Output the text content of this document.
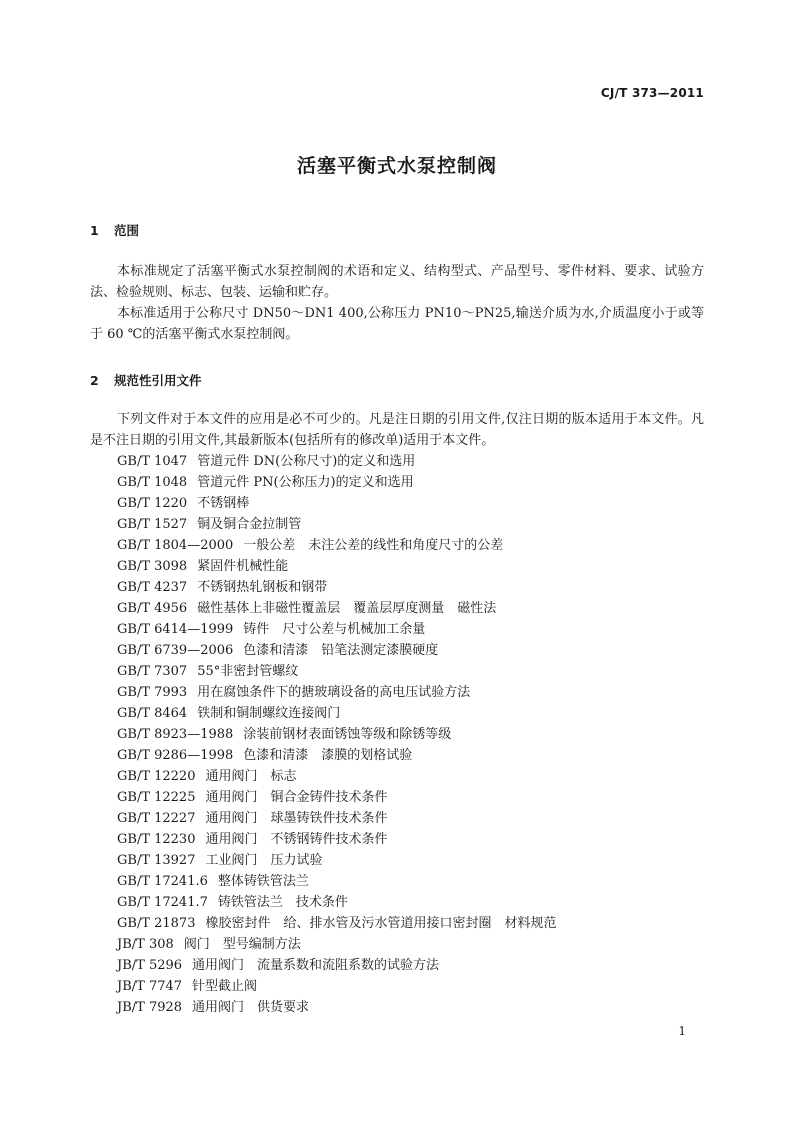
CJ/T 373—2011
活塞平衡式水泵控制阀
1 范围

本标准规定了活塞平衡式水泵控制阀的术语和定义、结构型式、产品型号、零件材料、要求、试验方法、检验规则、标志、包装、运输和贮存。

本标准适用于公称尺寸 DN50～DN1 400,公称压力 PN10～PN25,输送介质为水,介质温度小于或等于 60 ℃的活塞平衡式水泵控制阀。

2 规范性引用文件

下列文件对于本文件的应用是必不可少的。凡是注日期的引用文件,仅注日期的版本适用于本文件。凡是不注日期的引用文件,其最新版本(包括所有的修改单)适用于本文件。

GB/T 1047 管道元件 DN(公称尺寸)的定义和选用
GB/T 1048 管道元件 PN(公称压力)的定义和选用
GB/T 1220 不锈钢棒
GB/T 1527 铜及铜合金拉制管
GB/T 1804—2000 一般公差　未注公差的线性和角度尺寸的公差
GB/T 3098 紧固件机械性能
GB/T 4237 不锈钢热轧钢板和钢带
GB/T 4956 磁性基体上非磁性覆盖层　覆盖层厚度测量　磁性法
GB/T 6414—1999 铸件　尺寸公差与机械加工余量
GB/T 6739—2006 色漆和清漆　铅笔法测定漆膜硬度
GB/T 7307 55°非密封管螺纹
GB/T 7993 用在腐蚀条件下的搪玻璃设备的高电压试验方法
GB/T 8464 铁制和铜制螺纹连接阀门
GB/T 8923—1988 涂装前钢材表面锈蚀等级和除锈等级
GB/T 9286—1998 色漆和清漆　漆膜的划格试验
GB/T 12220 通用阀门　标志
GB/T 12225 通用阀门　铜合金铸件技术条件
GB/T 12227 通用阀门　球墨铸铁件技术条件
GB/T 12230 通用阀门　不锈钢铸件技术条件
GB/T 13927 工业阀门　压力试验
GB/T 17241.6 整体铸铁管法兰
GB/T 17241.7 铸铁管法兰　技术条件
GB/T 21873 橡胶密封件　给、排水管及污水管道用接口密封圈　材料规范
JB/T 308 阀门　型号编制方法
JB/T 5296 通用阀门　流量系数和流阻系数的试验方法
JB/T 7747 针型截止阀
JB/T 7928 通用阀门　供货要求
1
